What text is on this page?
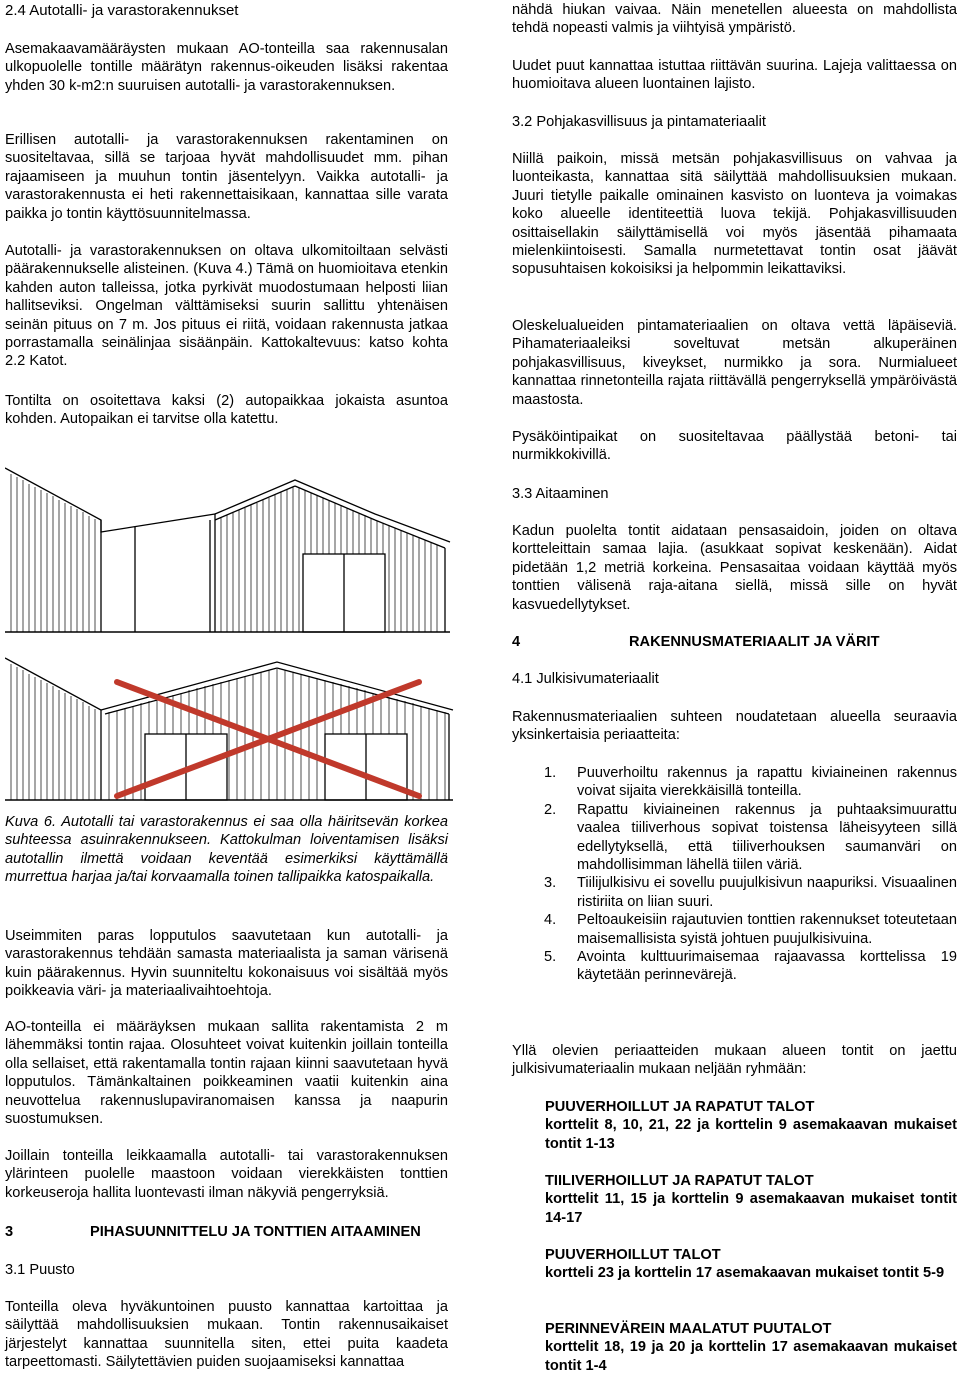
2.4 Autotalli- ja varastorakennukset

Asemakaavamääräysten mukaan AO-tonteilla saa rakennusalan ulkopuolelle tontille määrätyn rakennus-oikeuden lisäksi rakentaa yhden 30 k-m2:n suuruisen autotalli- ja varastorakennuksen.

Erillisen autotalli- ja varastorakennuksen rakentaminen on suositeltavaa, sillä se tarjoaa hyvät mahdollisuudet mm. pihan rajaamiseen ja muuhun tontin jäsentelyyn. Vaikka autotalli- ja varastorakennusta ei heti rakennettaisikaan, kannattaa sille varata paikka jo tontin käyttösuunnitelmassa.

Autotalli- ja varastorakennuksen on oltava ulkomitoiltaan selvästi päärakennukselle alisteinen. (Kuva 4.) Tämä on huomioitava etenkin kahden auton talleissa, jotka pyrkivät muodostumaan helposti liian hallitseviksi. Ongelman välttämiseksi suurin sallittu yhtenäisen seinän pituus on 7 m. Jos pituus ei riitä, voidaan rakennusta jatkaa porrastamalla seinälinjaa sisäänpäin. Kattokaltevuus: katso kohta 2.2 Katot.

Tontilta on osoitettava kaksi (2) autopaikkaa jokaista asuntoa kohden. Autopaikan ei tarvitse olla katettu.

Kuva 6. Autotalli tai varastorakennus ei saa olla häiritsevän korkea suhteessa asuinrakennukseen. Kattokulman loiventamisen lisäksi autotallin ilmettä voidaan keventää esimerkiksi käyttämällä murrettua harjaa ja/tai korvaamalla toinen tallipaikka katospaikalla.

Useimmiten paras lopputulos saavutetaan kun autotalli- ja varastorakennus tehdään samasta materiaalista ja saman värisenä kuin päärakennus. Hyvin suunniteltu kokonaisuus voi sisältää myös poikkeavia väri- ja materiaalivaihtoehtoja.

AO-tonteilla ei määräyksen mukaan sallita rakentamista 2 m lähemmäksi tontin rajaa. Olosuhteet voivat kuitenkin joillain tonteilla olla sellaiset, että rakentamalla tontin rajaan kiinni saavutetaan hyvä lopputulos. Tämänkaltainen poikkeaminen vaatii kuitenkin aina neuvottelua rakennuslupaviranomaisen kanssa ja naapurin suostumuksen.

Joillain tonteilla leikkaamalla autotalli- tai varastorakennuksen ylärinteen puolelle maastoon voidaan vierekkäisten tonttien korkeuseroja hallita luontevasti ilman näkyviä pengerryksiä.

3	PIHASUUNNITTELU JA TONTTIEN AITAAMINEN

3.1 Puusto

Tonteilla oleva hyväkuntoinen puusto kannattaa kartoittaa ja säilyttää mahdollisuuksien mukaan. Tontin rakennusaikaiset järjestelyt kannattaa suunnitella siten, ettei puita kaadeta tarpeettomasti. Säilytettävien puiden suojaamiseksi kannattaa

nähdä hiukan vaivaa. Näin menetellen alueesta on mahdollista tehdä nopeasti valmis ja viihtyisä ympäristö.

Uudet puut kannattaa istuttaa riittävän suurina. Lajeja valittaessa on huomioitava alueen luontainen lajisto.

3.2 Pohjakasvillisuus ja pintamateriaalit

Niillä paikoin, missä metsän pohjakasvillisuus on vahvaa ja luonteikasta, kannattaa sitä säilyttää mahdollisuuksien mukaan. Juuri tietylle paikalle ominainen kasvisto on luonteva ja voimakas koko alueelle identiteettiä luova tekijä. Pohjakasvillisuuden osittaisellakin säilyttämisellä voi myös jäsentää pihamaata mielenkiintoisesti. Samalla nurmetettavat tontin osat jäävät sopusuhtaisen kokoisiksi ja helpommin leikattaviksi.

Oleskelualueiden pintamateriaalien on oltava vettä läpäiseviä. Pihamateriaaleiksi soveltuvat metsän alkuperäinen pohjakasvillisuus, kiveykset, nurmikko ja sora. Nurmialueet kannattaa rinnetonteilla rajata riittävällä pengerryksellä ympäröivästä maastosta.

Pysäköintipaikat on suositeltavaa päällystää betoni- tai nurmikkokivillä.

3.3 Aitaaminen

Kadun puolelta tontit aidataan pensasaidoin, joiden on oltava kortteleittain samaa lajia. (asukkaat sopivat keskenään). Aidat pidetään 1,2 metriä korkeina. Pensasaitaa voidaan käyttää myös tonttien välisenä raja-aitana siellä, missä sille on hyvät kasvuedellytykset.

4	RAKENNUSMATERIAALIT JA VÄRIT

4.1 Julkisivumateriaalit

Rakennusmateriaalien suhteen noudatetaan alueella seuraavia yksinkertaisia periaatteita:

1. Puuverhoiltu rakennus ja rapattu kiviaineinen rakennus voivat sijaita vierekkäisillä tonteilla.
2. Rapattu kiviaineinen rakennus ja puhtaaksimuurattu vaalea tiiliverhous sopivat toistensa läheisyyteen sillä edellytyksellä, että tiiliverhouksen saumanväri on mahdollisimman lähellä tiilen väriä.
3. Tiilijulkisivu ei sovellu puujulkisivun naapuriksi. Visuaalinen ristiriita on liian suuri.
4. Peltoaukeisiin rajautuvien tonttien rakennukset toteutetaan maisemallisista syistä johtuen puujulkisivuina.
5. Avointa kulttuurimaisemaa rajaavassa korttelissa 19 käytetään perinnevärejä.

Yllä olevien periaatteiden mukaan alueen tontit on jaettu julkisivumateriaalin mukaan neljään ryhmään:

PUUVERHOILLUT JA RAPATUT TALOT
korttelit 8, 10, 21, 22 ja korttelin 9 asemakaavan mukaiset tontit 1-13
TIILIVERHOILLUT JA RAPATUT TALOT
korttelit 11, 15 ja korttelin 9 asemakaavan mukaiset tontit 14-17
PUUVERHOILLUT TALOT
kortteli 23 ja korttelin 17 asemakaavan mukaiset tontit 5-9
PERINNEVÄREIN MAALATUT PUUTALOT
korttelit 18, 19 ja 20 ja korttelin 17 asemakaavan mukaiset tontit 1-4
